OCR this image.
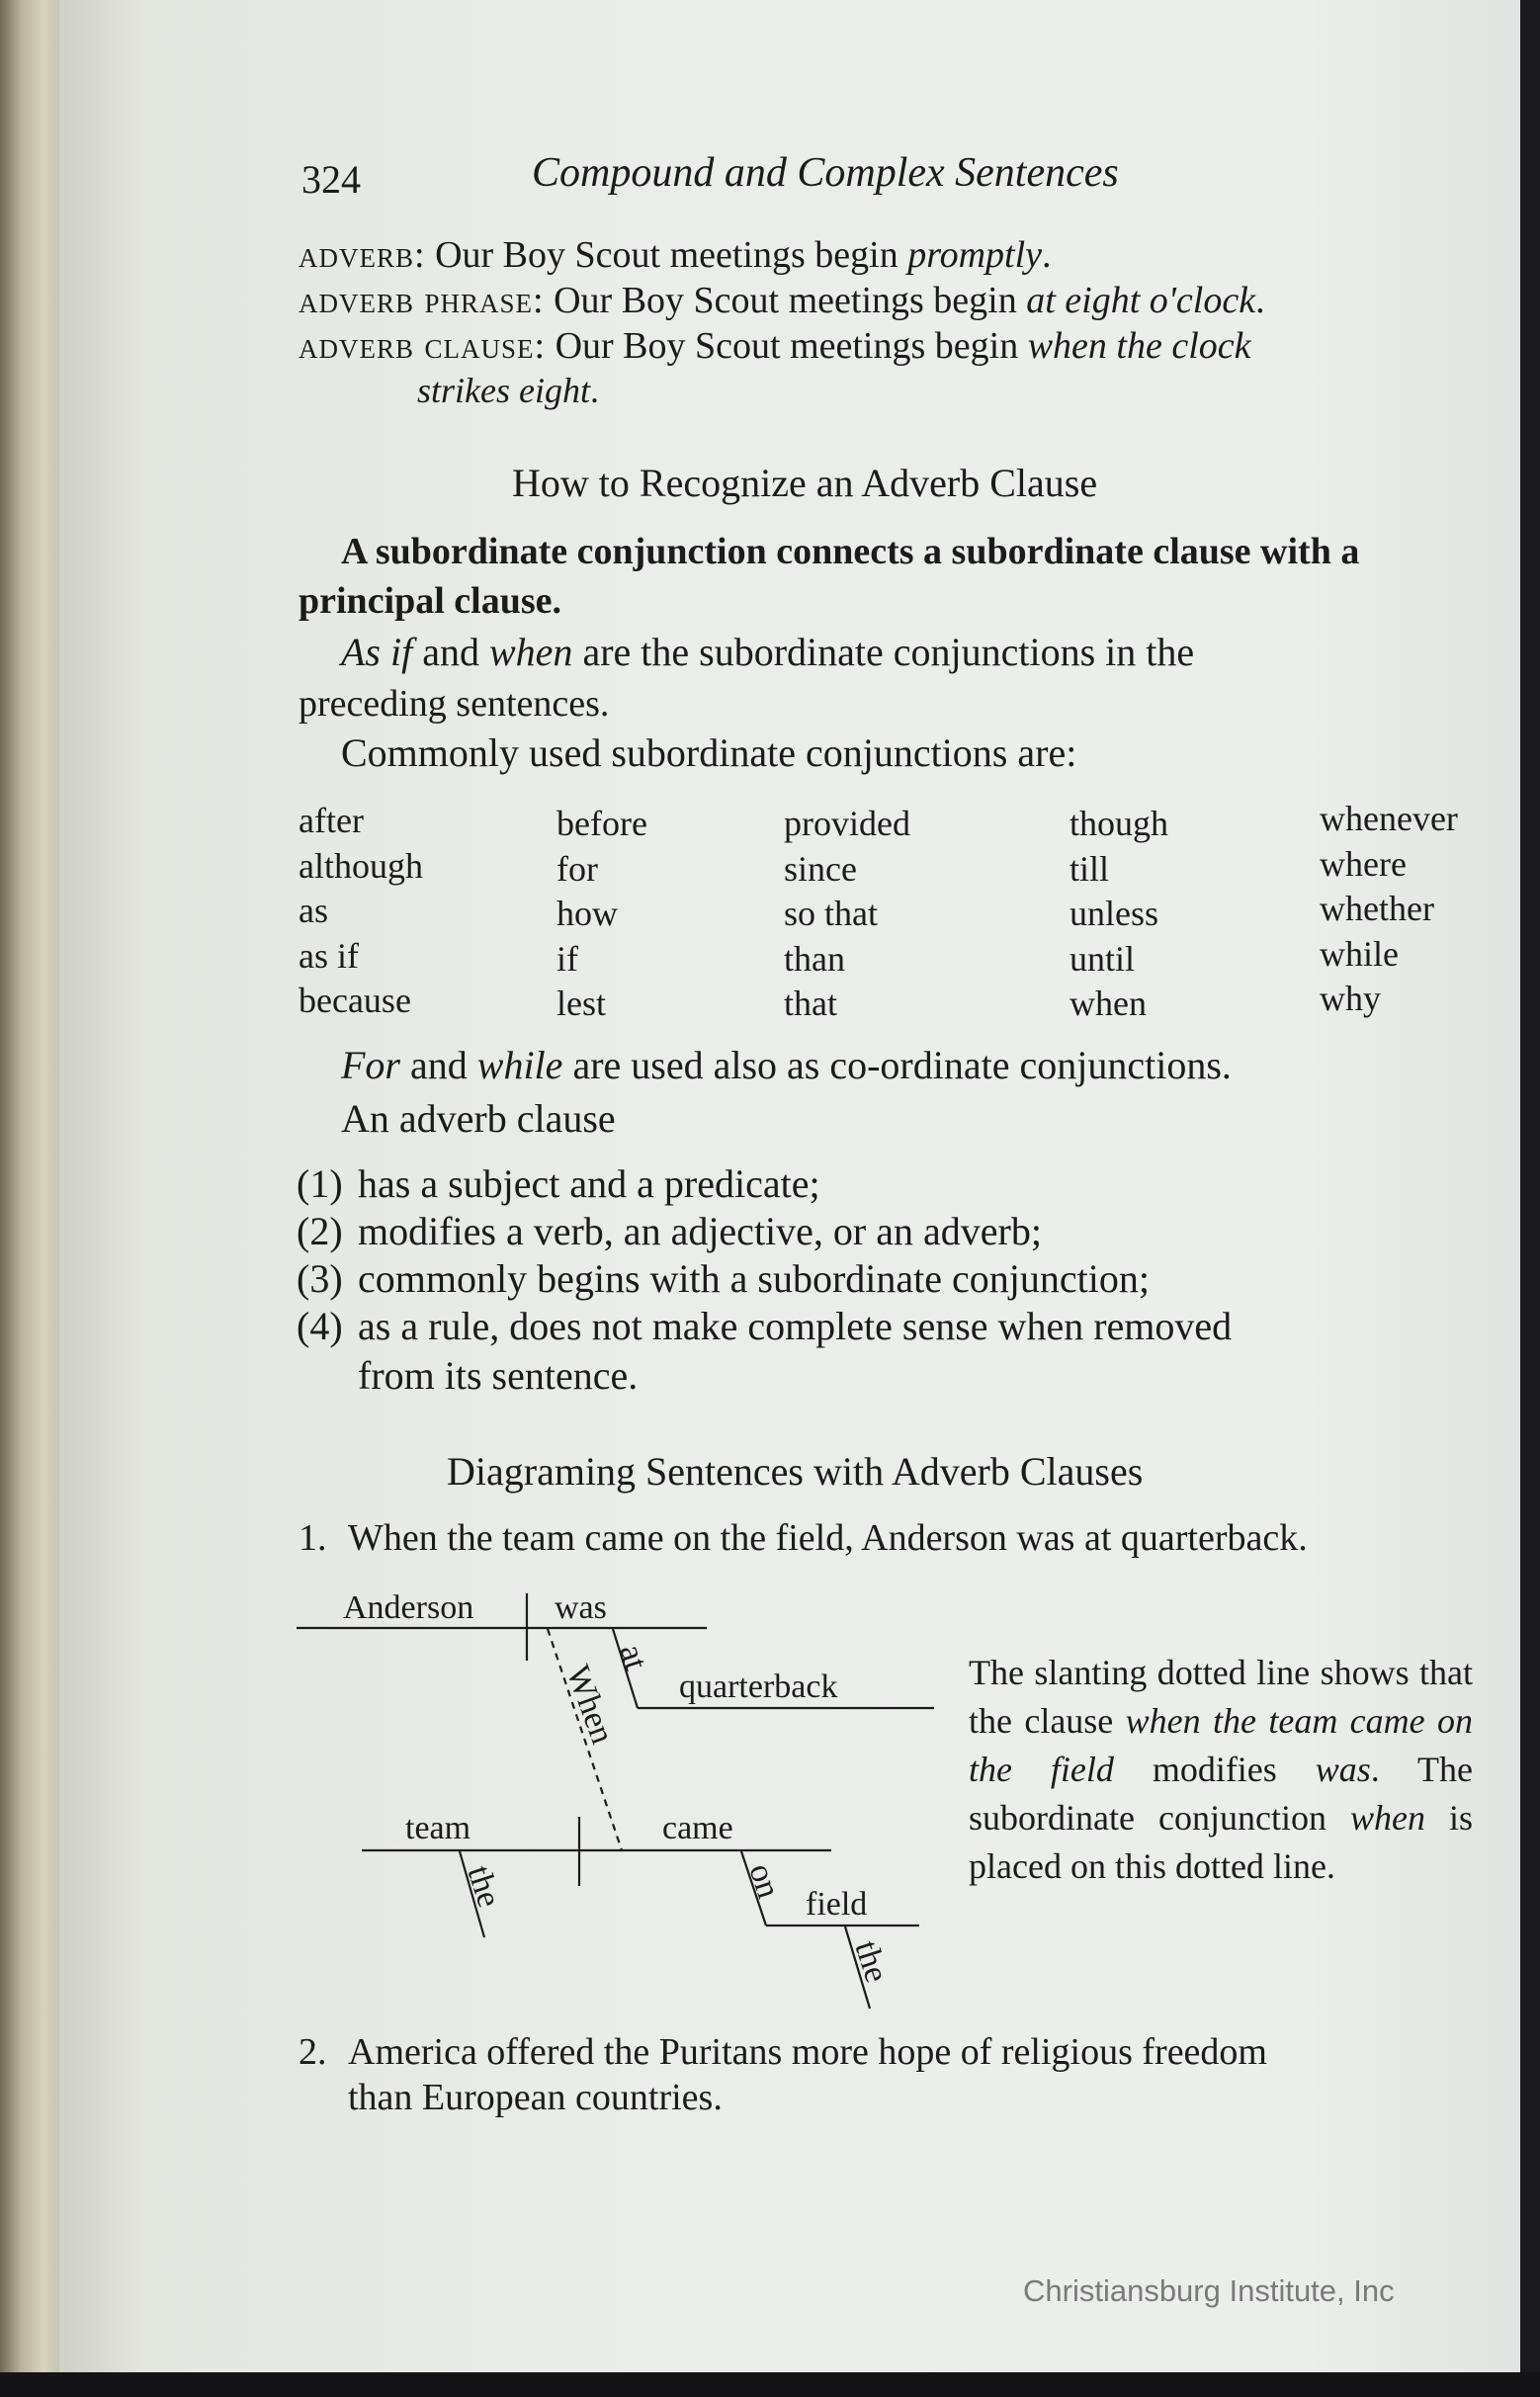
324	Compound and Complex Sentences
adverb: Our Boy Scout meetings begin promptly.
adverb phrase: Our Boy Scout meetings begin at eight o'clock.
adverb clause: Our Boy Scout meetings begin when the clock
strikes eight.
How to Recognize an Adverb Clause
A subordinate conjunction connects a subordinate clause with a
principal clause.
As if and when are the subordinate conjunctions in the
preceding sentences.
Commonly used subordinate conjunctions are:
after
although
as
as if
because
before
for
how
if
lest
provided
since
so that
than
that
though
till
unless
until
when
whenever
where
whether
while
why
For and while are used also as co-ordinate conjunctions.
An adverb clause
(1) has a subject and a predicate;
(2) modifies a verb, an adjective, or an adverb;
(3) commonly begins with a subordinate conjunction;
(4) as a rule, does not make complete sense when removed
from its sentence.
Diagraming Sentences with Adverb Clauses
1. When the team came on the field, Anderson was at quarterback.
Anderson was
at
quarterback
When
team
the
came
on
field
the
The slanting dotted line shows that the clause when the team came on the field modifies was. The subordinate conjunction when is placed on this dotted line.
2. America offered the Puritans more hope of religious freedom
than European countries.
Christiansburg Institute, Inc
